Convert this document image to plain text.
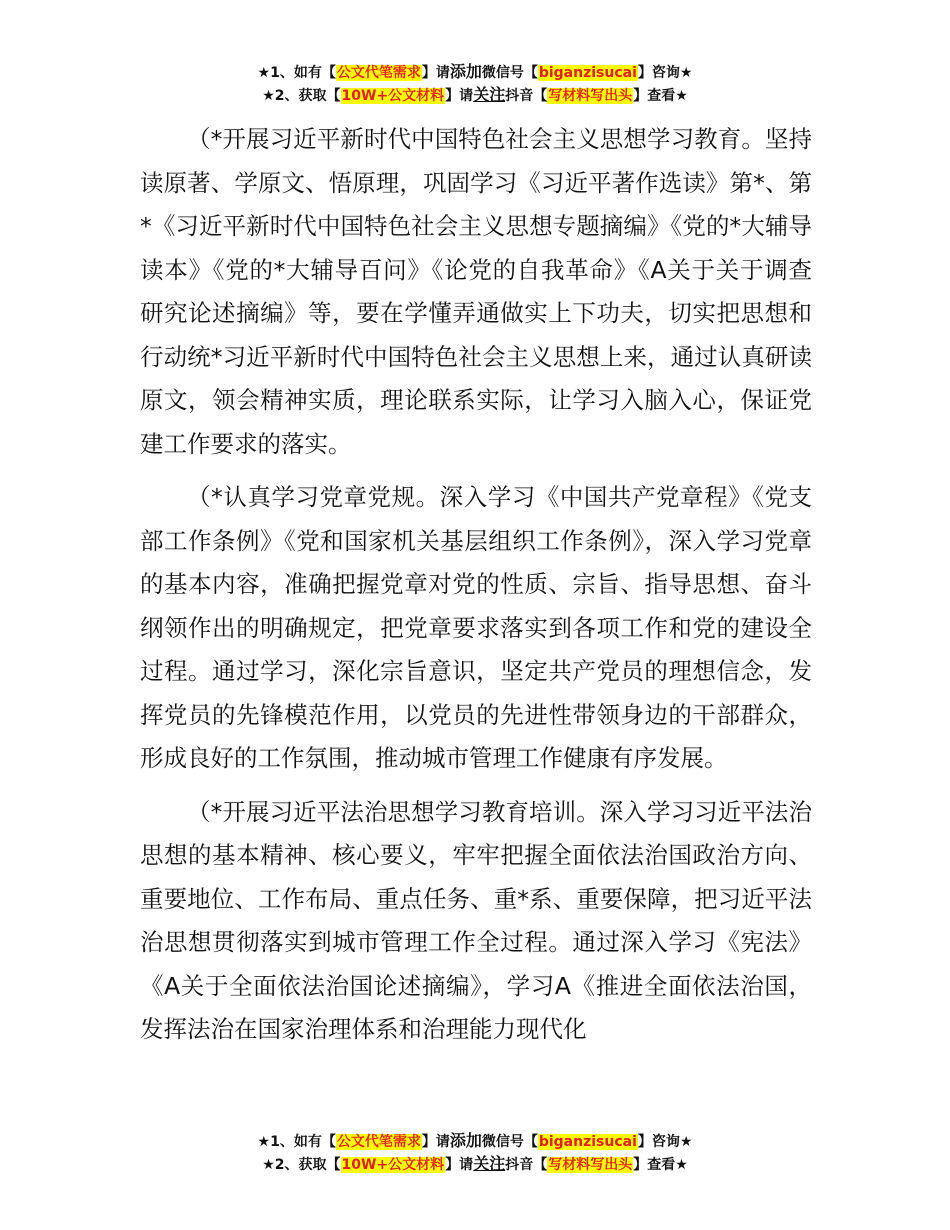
★1、如有【公文代笔需求】请添加微信号【biganzisucai】咨询★
★2、获取【10W+公文材料】请关注抖音【写材料写出头】查看★

（*开展习近平新时代中国特色社会主义思想学习教育。坚持读原著、学原文、悟原理，巩固学习《习近平著作选读》第*、第*《习近平新时代中国特色社会主义思想专题摘编》《党的*大辅导读本》《党的*大辅导百问》《论党的自我革命》《A关于关于调查研究论述摘编》等，要在学懂弄通做实上下功夫，切实把思想和行动统*习近平新时代中国特色社会主义思想上来，通过认真研读原文，领会精神实质，理论联系实际，让学习入脑入心，保证党建工作要求的落实。

（*认真学习党章党规。深入学习《中国共产党章程》《党支部工作条例》《党和国家机关基层组织工作条例》，深入学习党章的基本内容，准确把握党章对党的性质、宗旨、指导思想、奋斗纲领作出的明确规定，把党章要求落实到各项工作和党的建设全过程。通过学习，深化宗旨意识，坚定共产党员的理想信念，发挥党员的先锋模范作用，以党员的先进性带领身边的干部群众，形成良好的工作氛围，推动城市管理工作健康有序发展。

（*开展习近平法治思想学习教育培训。深入学习习近平法治思想的基本精神、核心要义，牢牢把握全面依法治国政治方向、重要地位、工作布局、重点任务、重*系、重要保障，把习近平法治思想贯彻落实到城市管理工作全过程。通过深入学习《宪法》《A关于全面依法治国论述摘编》，学习A《推进全面依法治国，发挥法治在国家治理体系和治理能力现代化

★1、如有【公文代笔需求】请添加微信号【biganzisucai】咨询★
★2、获取【10W+公文材料】请关注抖音【写材料写出头】查看★
